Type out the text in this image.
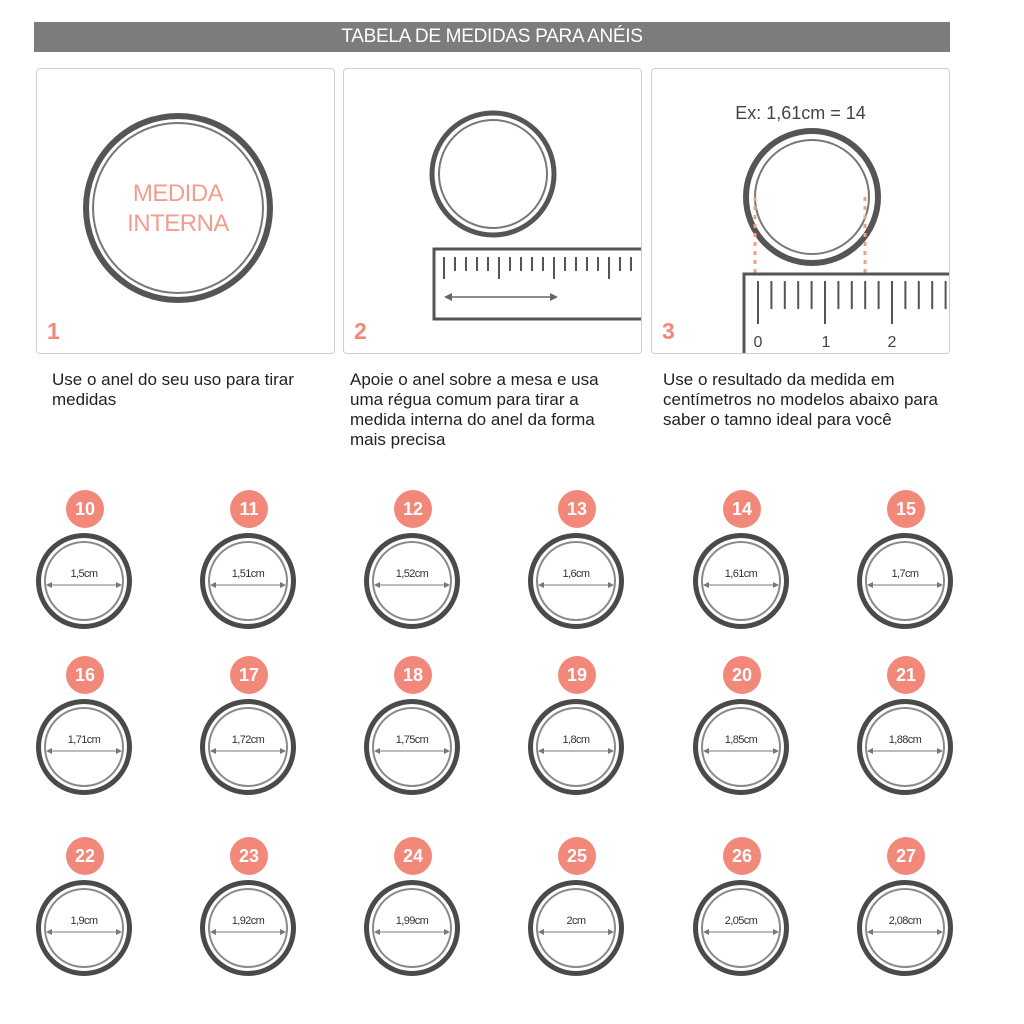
TABELA DE MEDIDAS PARA ANÉIS
MEDIDA
INTERNA
1	2
Ex: 1,61cm = 14
0	1	2
3
Use o anel do seu uso para tirar medidas
Apoie o anel sobre a mesa e usa uma régua comum para tirar a medida interna do anel da forma mais precisa
Use o resultado da medida em centímetros no modelos abaixo para saber o tamno ideal para você
10
1,5cm
11
1,51cm
12
1,52cm
13
1,6cm
14
1,61cm
15
1,7cm
16
1,71cm
17
1,72cm
18
1,75cm
19
1,8cm
20
1,85cm
21
1,88cm
22
1,9cm
23
1,92cm
24
1,99cm
25
2cm
26
2,05cm
27
2,08cm
